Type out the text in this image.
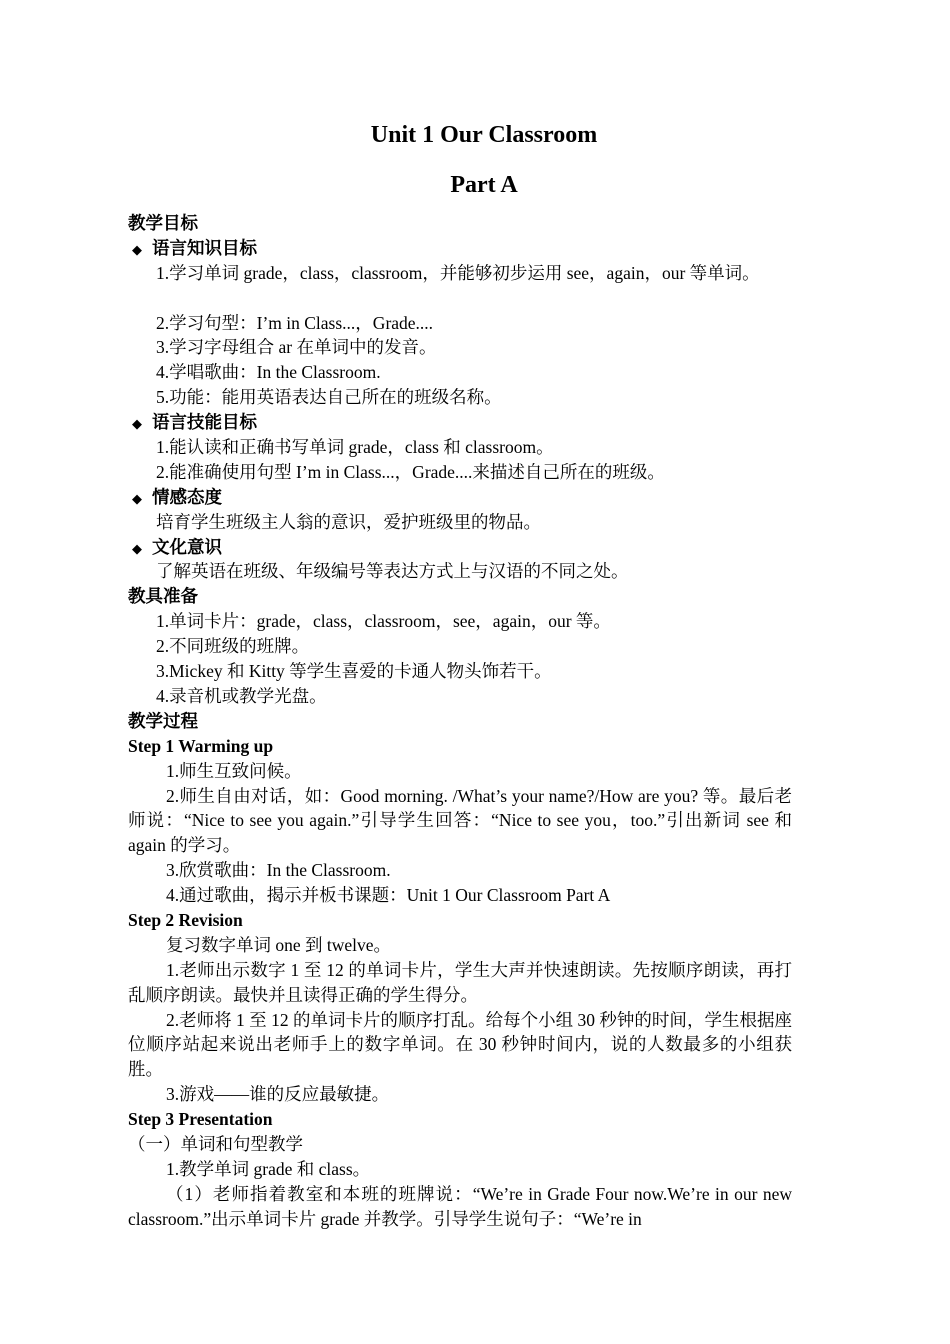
Unit 1 Our Classroom
Part A
教学目标
◆ 语言知识目标
1.学习单词 grade，class，classroom，并能够初步运用 see，again，our 等单词。
2.学习句型：I’m in Class...，Grade....
3.学习字母组合 ar 在单词中的发音。
4.学唱歌曲：In the Classroom.
5.功能：能用英语表达自己所在的班级名称。
◆ 语言技能目标
1.能认读和正确书写单词 grade，class 和 classroom。
2.能准确使用句型 I’m in Class...，Grade....来描述自己所在的班级。
◆ 情感态度
培育学生班级主人翁的意识，爱护班级里的物品。
◆ 文化意识
了解英语在班级、年级编号等表达方式上与汉语的不同之处。
教具准备
1.单词卡片：grade，class，classroom，see，again，our 等。
2.不同班级的班牌。
3.Mickey 和 Kitty 等学生喜爱的卡通人物头饰若干。
4.录音机或教学光盘。
教学过程
Step 1 Warming up
1.师生互致问候。
2.师生自由对话，如：Good morning. /What’s your name?/How are you? 等。最后老师说：“Nice to see you again.”引导学生回答：“Nice to see you，too.”引出新词 see 和 again 的学习。
3.欣赏歌曲：In the Classroom.
4.通过歌曲，揭示并板书课题：Unit 1 Our Classroom Part A
Step 2 Revision
复习数字单词 one 到 twelve。
1.老师出示数字 1 至 12 的单词卡片，学生大声并快速朗读。先按顺序朗读，再打乱顺序朗读。最快并且读得正确的学生得分。
2.老师将 1 至 12 的单词卡片的顺序打乱。给每个小组 30 秒钟的时间，学生根据座位顺序站起来说出老师手上的数字单词。在 30 秒钟时间内，说的人数最多的小组获胜。
3.游戏——谁的反应最敏捷。
Step 3 Presentation
（一）单词和句型教学
1.教学单词 grade 和 class。
（1）老师指着教室和本班的班牌说：“We’re in Grade Four now.We’re in our new classroom.”出示单词卡片 grade 并教学。引导学生说句子：“We’re in
